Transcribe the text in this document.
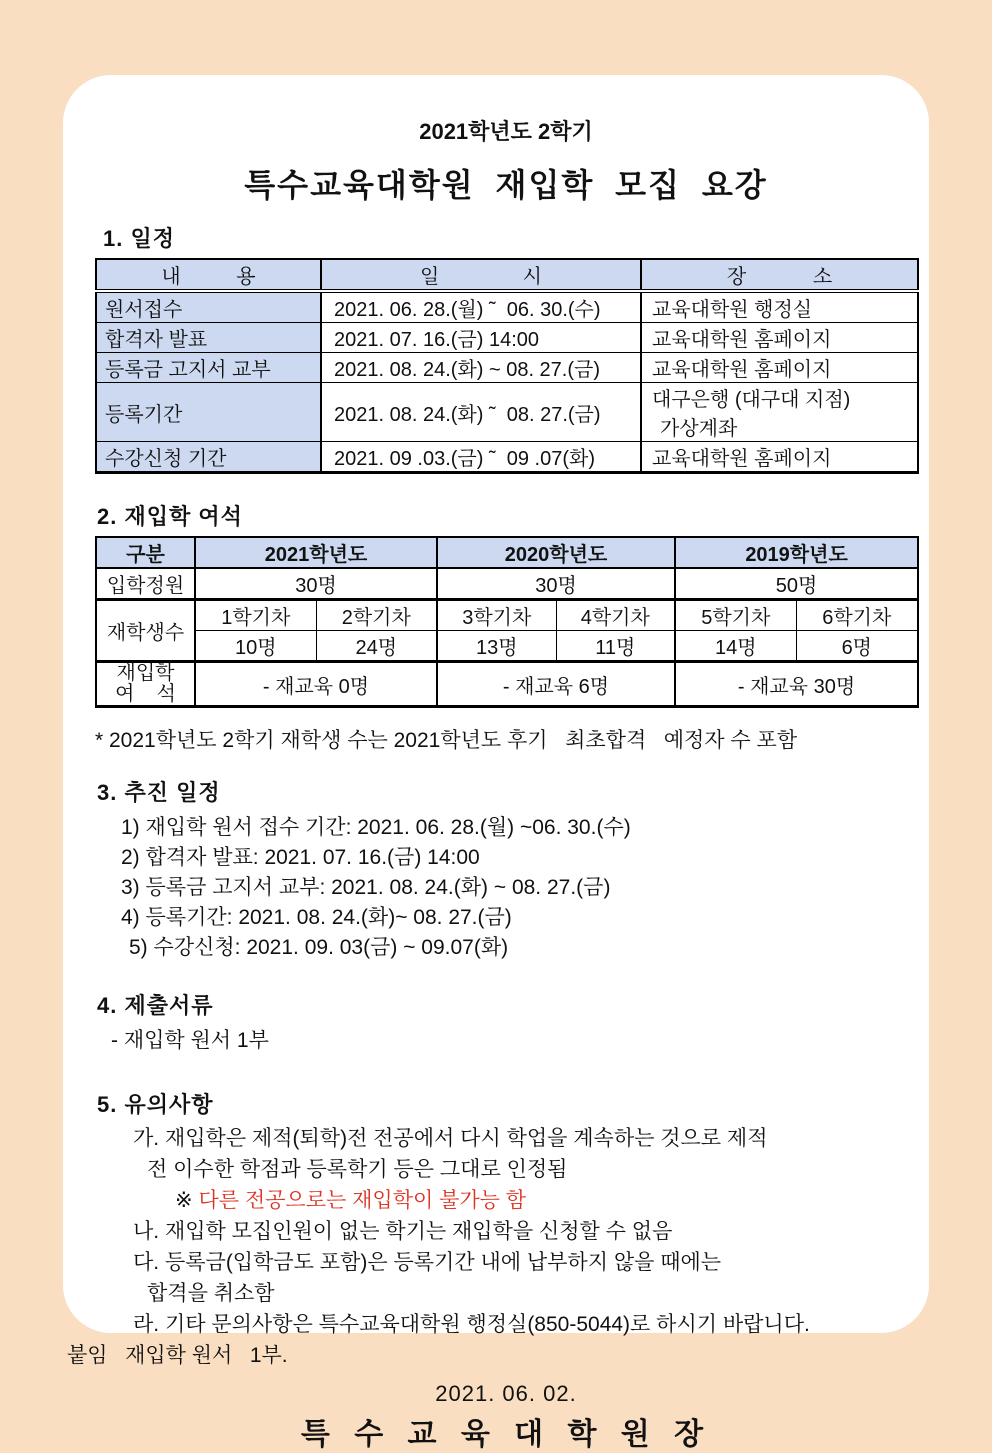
2021학년도 2학기
특수교육대학원 재입학 모집 요강
1. 일정
내          용	일               시	장            소
원서접수	2021. 06. 28.(월) ˜  06. 30.(수)	교육대학원 행정실
합격자 발표	2021. 07. 16.(금) 14:00	교육대학원 홈페이지
등록금 고지서 교부	2021. 08. 24.(화) ~ 08. 27.(금)	교육대학원 홈페이지
등록기간	2021. 08. 24.(화) ˜  08. 27.(금)	대구은행 (대구대 지점)
가상계좌

수강신청 기간	2021. 09 .03.(금) ˜  09 .07(화)	교육대학원 홈페이지
2. 재입학 여석
구분	2021학년도		2020학년도		2019학년도	
입학정원	30명		30명		50명	
재학생수	1학기차	2학기차	3학기차	4학기차	5학기차	6학기차
	10명	24명	13명	11명	14명	6명

재입학
여    석	- 재교육 0명		- 재교육 6명		- 재교육 30명	
* 2021학년도 2학기 재학생 수는 2021학년도 후기   최초합격   예정자 수 포함
3. 추진 일정
1) 재입학 원서 접수 기간: 2021. 06. 28.(월) ~06. 30.(수)
2) 합격자 발표: 2021. 07. 16.(금) 14:00
3) 등록금 고지서 교부: 2021. 08. 24.(화) ~ 08. 27.(금)
4) 등록기간: 2021. 08. 24.(화)~ 08. 27.(금)
5) 수강신청: 2021. 09. 03(금) ~ 09.07(화)
4. 제출서류
- 재입학 원서 1부
5. 유의사항
가. 재입학은 제적(퇴학)전 전공에서 다시 학업을 계속하는 것으로 제적
전 이수한 학점과 등록학기 등은 그대로 인정됨
※ 다른 전공으로는 재입학이 불가능 함
나. 재입학 모집인원이 없는 학기는 재입학을 신청할 수 없음
다. 등록금(입학금도 포함)은 등록기간 내에 납부하지 않을 때에는
합격을 취소함
라. 기타 문의사항은 특수교육대학원 행정실(850-5044)로 하시기 바랍니다.
붙임   재입학 원서   1부.
2021. 06. 02.
특 수 교 육 대 학 원 장
